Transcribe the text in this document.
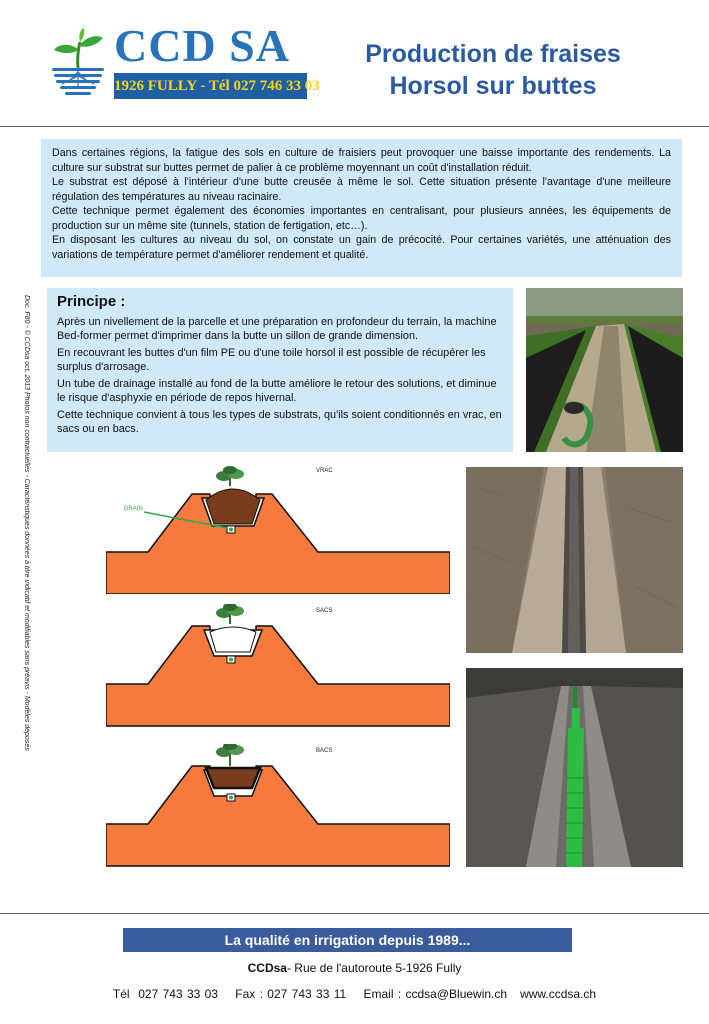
CCD SA
1926 FULLY - Tél 027 746 33 03
Production de fraises
Horsol sur buttes

Dans certaines régions, la fatigue des sols en culture de fraisiers peut provoquer une baisse importante des rendements. La culture sur substrat sur buttes permet de palier à ce problème moyennant un coût d'installation réduit.

Le substrat est déposé à l'intérieur d'une butte creusée à même le sol. Cette situation présente l'avantage d'une meilleure régulation des températures au niveau racinaire.

Cette technique permet également des économies importantes en centralisant, pour plusieurs années, les équipements de production sur un même site (tunnels, station de fertigation, etc…).

En disposant les cultures au niveau du sol, on constate un gain de précocité. Pour certaines variétés, une atténuation des variations de température permet d'améliorer rendement et qualité.

Doc. F80 - © CCDsa oct. 2013 Photos non contractuelles - Caractéristiques données à titre indicatif et modifiables sans préavis - Modèles déposés Principe :

Après un nivellement de la parcelle et une préparation en profondeur du terrain, la machine Bed-former permet d'imprimer dans la butte un sillon de grande dimension.

En recouvrant les buttes d'un film PE ou d'une toile horsol il est possible de récupérer les surplus d'arrosage.

Un tube de drainage installé au fond de la butte améliore le retour des solutions, et diminue le risque d'asphyxie en période de repos hivernal.

Cette technique convient à tous les types de substrats, qu'ils soient conditionnés en vrac, en sacs ou en bacs.

DRAIN
VRAC
SACS
BACS
La qualité en irrigation depuis 1989...
CCDsa- Rue de l'autoroute 5-1926 Fully
Tél  027 743 33 03    Fax : 027 743 33 11    Email : ccdsa@Bluewin.ch   www.ccdsa.ch
